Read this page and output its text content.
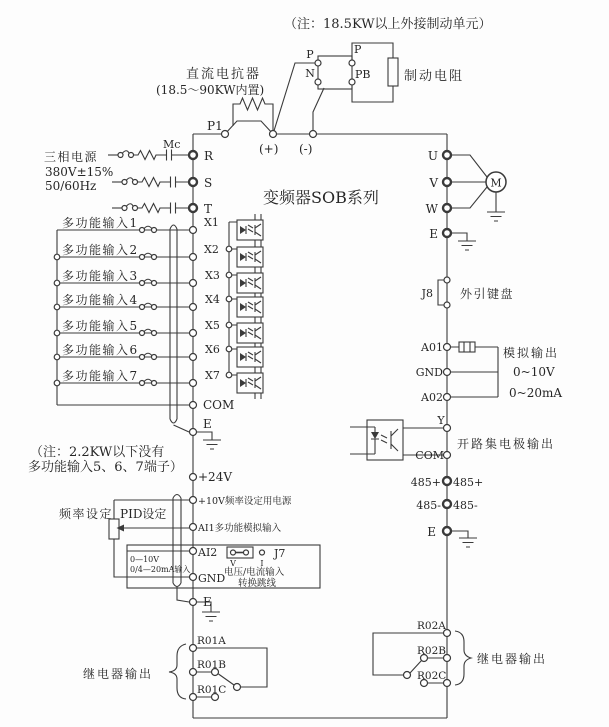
（注：18.5KW以上外接制动单元）
直流电抗器
(18.5～90KW内置)
P
N
P
PB	制动电阻
P1
(+) (-)
三相电源
380V±15%
50/60Hz
Mc
R
S
T
变频器SOB系列
多功能输入1
多功能输入2
多功能输入3
多功能输入4
多功能输入5
多功能输入6
多功能输入7
X1
X2
X3
X4
X5
X6
X7
COM
E
+24V
（注：2.2KW以下没有
多功能输入5、6、7端子）
+10V频率设定用电源
AI1多功能模拟输入
频率设定 PID设定
0—10V
0/4—20mA输入
AI2
GND
J7
V	I
电压/电流输入
转换跳线
E
R01A
R01B
R01C
继电器输出
U
V
W
E
M
J8 外引键盘
A01
GND
A02
模拟输出
0~10V
0~20mA
Y
COM
开路集电极输出
485+ 485+
485- 485-
E
R02A
R02B
R02C
继电器输出
